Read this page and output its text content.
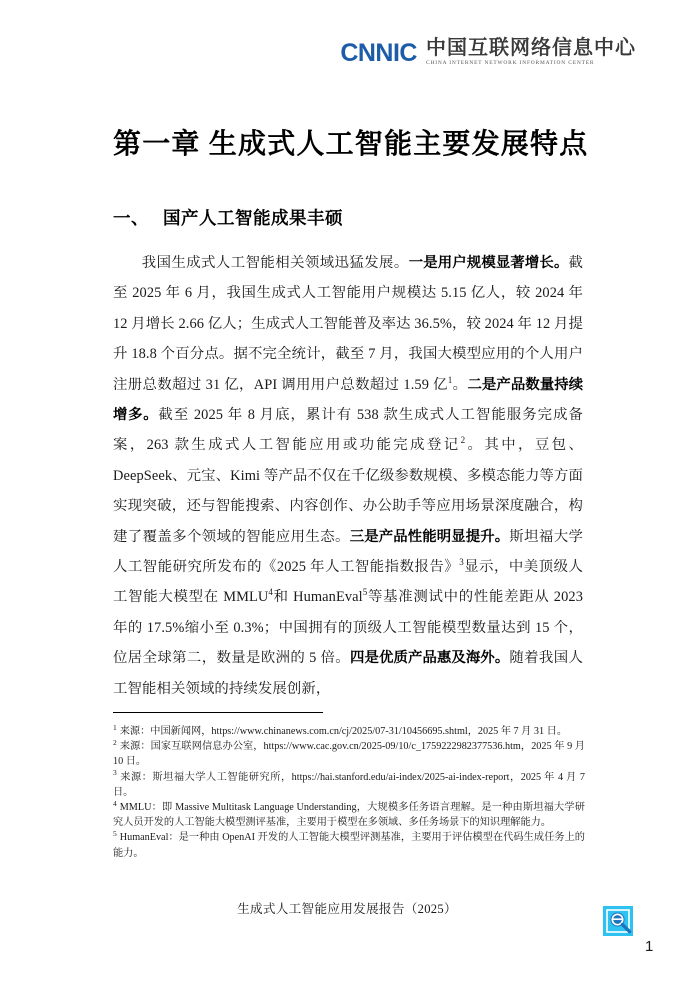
CNNIC 中国互联网络信息中心
CHINA INTERNET NETWORK INFORMATION CENTER
第一章 生成式人工智能主要发展特点
一、 国产人工智能成果丰硕

我国生成式人工智能相关领域迅猛发展。一是用户规模显著增长。截至 2025 年 6 月，我国生成式人工智能用户规模达 5.15 亿人，较 2024 年 12 月增长 2.66 亿人；生成式人工智能普及率达 36.5%，较 2024 年 12 月提升 18.8 个百分点。据不完全统计，截至 7 月，我国大模型应用的个人用户注册总数超过 31 亿，API 调用用户总数超过 1.59 亿$^1$。二是产品数量持续增多。截至 2025 年 8 月底，累计有 538 款生成式人工智能服务完成备案，263 款生成式人工智能应用或功能完成登记$^2$。其中，豆包、DeepSeek、元宝、Kimi 等产品不仅在千亿级参数规模、多模态能力等方面实现突破，还与智能搜索、内容创作、办公助手等应用场景深度融合，构建了覆盖多个领域的智能应用生态。三是产品性能明显提升。斯坦福大学人工智能研究所发布的《2025 年人工智能指数报告》$^3$显示，中美顶级人工智能大模型在 MMLU$^4$和 HumanEval$^5$等基准测试中的性能差距从 2023 年的 17.5%缩小至 0.3%；中国拥有的顶级人工智能模型数量达到 15 个，位居全球第二，数量是欧洲的 5 倍。四是优质产品惠及海外。随着我国人工智能相关领域的持续发展创新，

$^1$ 来源：中国新闻网，https://www.chinanews.com.cn/cj/2025/07-31/10456695.shtml，2025 年 7 月 31 日。

$^2$ 来源：国家互联网信息办公室，https://www.cac.gov.cn/2025-09/10/c_1759222982377536.htm，2025 年 9 月 10 日。

$^3$ 来源：斯坦福大学人工智能研究所，https://hai.stanford.edu/ai-index/2025-ai-index-report，2025 年 4 月 7 日。

$^4$ MMLU：即 Massive Multitask Language Understanding，大规模多任务语言理解。是一种由斯坦福大学研究人员开发的人工智能大模型测评基准，主要用于模型在多领域、多任务场景下的知识理解能力。

$^5$ HumanEval：是一种由 OpenAI 开发的人工智能大模型评测基准，主要用于评估模型在代码生成任务上的能力。

生成式人工智能应用发展报告（2025）
1
